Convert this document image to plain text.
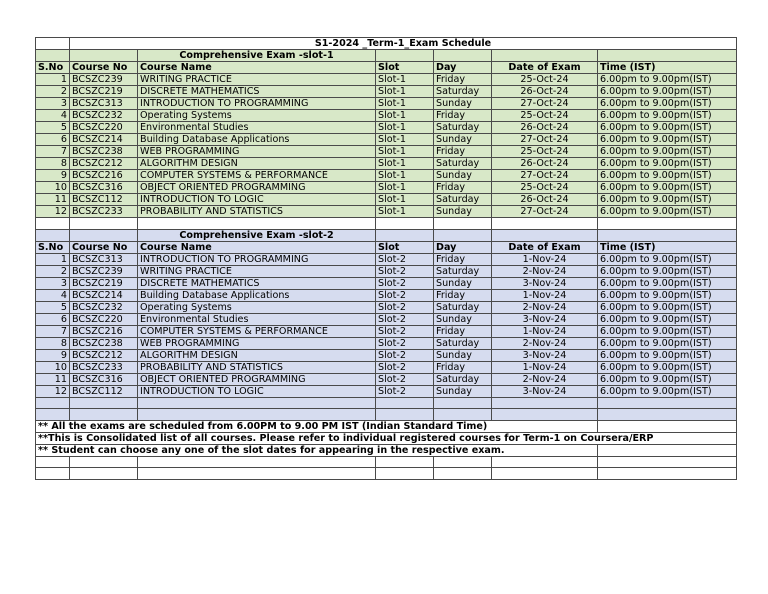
	S1-2024 _Term-1_Exam Schedule					
		Comprehensive Exam -slot-1				
S.No	Course No	Course Name	Slot	Day	Date of Exam	Time (IST)
1	BCSZC239	WRITING PRACTICE	Slot-1	Friday	25-Oct-24	6.00pm to 9.00pm(IST)
2	BCSZC219	DISCRETE MATHEMATICS	Slot-1	Saturday	26-Oct-24	6.00pm to 9.00pm(IST)
3	BCSZC313	INTRODUCTION TO PROGRAMMING	Slot-1	Sunday	27-Oct-24	6.00pm to 9.00pm(IST)
4	BCSZC232	Operating Systems	Slot-1	Friday	25-Oct-24	6.00pm to 9.00pm(IST)
5	BCSZC220	Environmental Studies	Slot-1	Saturday	26-Oct-24	6.00pm to 9.00pm(IST)
6	BCSZC214	Building Database Applications	Slot-1	Sunday	27-Oct-24	6.00pm to 9.00pm(IST)
7	BCSZC238	WEB PROGRAMMING	Slot-1	Friday	25-Oct-24	6.00pm to 9.00pm(IST)
8	BCSZC212	ALGORITHM DESIGN	Slot-1	Saturday	26-Oct-24	6.00pm to 9.00pm(IST)
9	BCSZC216	COMPUTER SYSTEMS & PERFORMANCE	Slot-1	Sunday	27-Oct-24	6.00pm to 9.00pm(IST)
10	BCSZC316	OBJECT ORIENTED PROGRAMMING	Slot-1	Friday	25-Oct-24	6.00pm to 9.00pm(IST)
11	BCSZC112	INTRODUCTION TO LOGIC	Slot-1	Saturday	26-Oct-24	6.00pm to 9.00pm(IST)
12	BCSZC233	PROBABILITY AND STATISTICS	Slot-1	Sunday	27-Oct-24	6.00pm to 9.00pm(IST)

		Comprehensive Exam -slot-2				
S.No	Course No	Course Name	Slot	Day	Date of Exam	Time (IST)
1	BCSZC313	INTRODUCTION TO PROGRAMMING	Slot-2	Friday	1-Nov-24	6.00pm to 9.00pm(IST)
2	BCSZC239	WRITING PRACTICE	Slot-2	Saturday	2-Nov-24	6.00pm to 9.00pm(IST)
3	BCSZC219	DISCRETE MATHEMATICS	Slot-2	Sunday	3-Nov-24	6.00pm to 9.00pm(IST)
4	BCSZC214	Building Database Applications	Slot-2	Friday	1-Nov-24	6.00pm to 9.00pm(IST)
5	BCSZC232	Operating Systems	Slot-2	Saturday	2-Nov-24	6.00pm to 9.00pm(IST)
6	BCSZC220	Environmental Studies	Slot-2	Sunday	3-Nov-24	6.00pm to 9.00pm(IST)
7	BCSZC216	COMPUTER SYSTEMS & PERFORMANCE	Slot-2	Friday	1-Nov-24	6.00pm to 9.00pm(IST)
8	BCSZC238	WEB PROGRAMMING	Slot-2	Saturday	2-Nov-24	6.00pm to 9.00pm(IST)
9	BCSZC212	ALGORITHM DESIGN	Slot-2	Sunday	3-Nov-24	6.00pm to 9.00pm(IST)
10	BCSZC233	PROBABILITY AND STATISTICS	Slot-2	Friday	1-Nov-24	6.00pm to 9.00pm(IST)
11	BCSZC316	OBJECT ORIENTED PROGRAMMING	Slot-2	Saturday	2-Nov-24	6.00pm to 9.00pm(IST)
12	BCSZC112	INTRODUCTION TO LOGIC	Slot-2	Sunday	3-Nov-24	6.00pm to 9.00pm(IST)

** All the exams are scheduled from 6.00PM to 9.00 PM IST (Indian Standard Time)						
**This is Consolidated list of all courses. Please refer to individual registered courses for Term-1 on Coursera/ERP						
** Student can choose any one of the slot dates for appearing in the respective exam.						
